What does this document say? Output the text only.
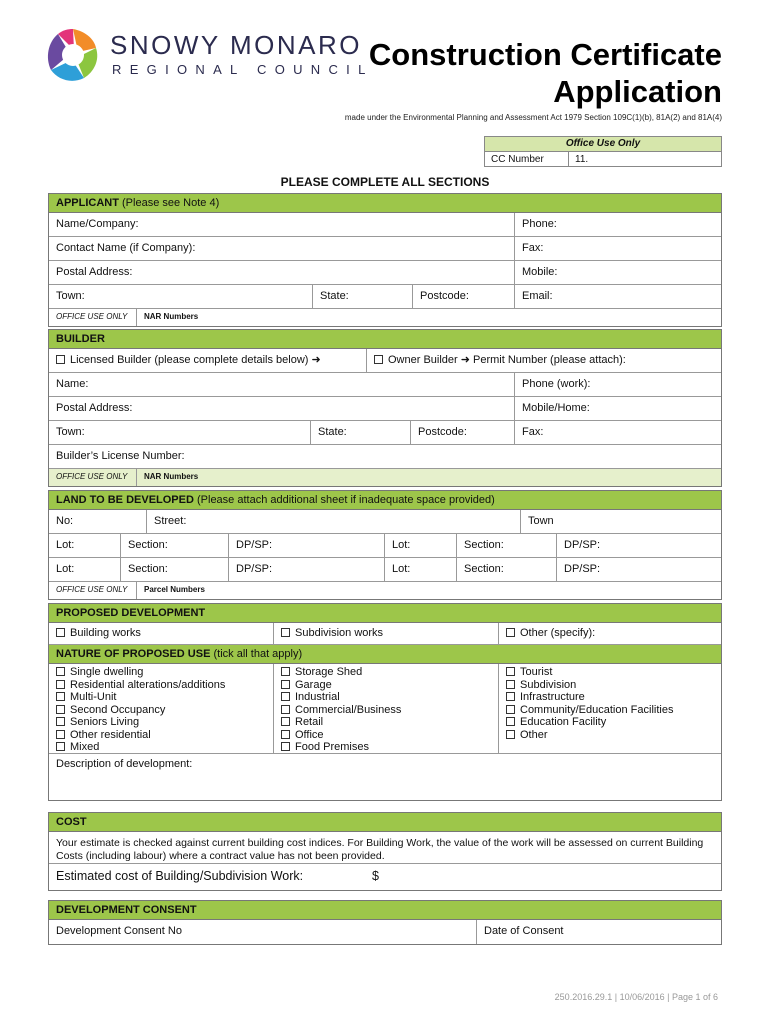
SNOWY MONARO
REGIONAL COUNCIL
Construction Certificate
Application
made under the Environmental Planning and Assessment Act 1979 Section 109C(1)(b), 81A(2) and 81A(4)
Office Use Only
CC Number	11.
PLEASE COMPLETE ALL SECTIONS
APPLICANT (Please see Note 4)
Name/Company:	Phone:
Contact Name (if Company):	Fax:
Postal Address:	Mobile:
Town:	State:	Postcode:	Email:
OFFICE USE ONLY	NAR Numbers
BUILDER
Licensed Builder (please complete details below) ➜	Owner Builder ➜ Permit Number (please attach):
Name:	Phone (work):
Postal Address:	Mobile/Home:
Town:	State:	Postcode:	Fax:
Builder’s License Number:
OFFICE USE ONLY	NAR Numbers
LAND TO BE DEVELOPED (Please attach additional sheet if inadequate space provided)
No:	Street:	Town
Lot:	Section:	DP/SP:	Lot:	Section:	DP/SP:
Lot:	Section:	DP/SP:	Lot:	Section:	DP/SP:
OFFICE USE ONLY	Parcel Numbers
PROPOSED DEVELOPMENT
Building works	Subdivision works	Other (specify):
NATURE OF PROPOSED USE (tick all that apply)
Single dwelling
Residential alterations/additions
Multi-Unit
Second Occupancy
Seniors Living
Other residential
Mixed
Storage Shed
Garage
Industrial
Commercial/Business
Retail
Office
Food Premises
Tourist
Subdivision
Infrastructure
Community/Education Facilities
Education Facility
Other
Description of development:
COST
Your estimate is checked against current building cost indices. For Building Work, the value of the work will be assessed on current Building Costs (including labour) where a contract value has not been provided.
Estimated cost of Building/Subdivision Work:	$
DEVELOPMENT CONSENT
Development Consent No	Date of Consent
250.2016.29.1 | 10/06/2016 | Page 1 of 6
